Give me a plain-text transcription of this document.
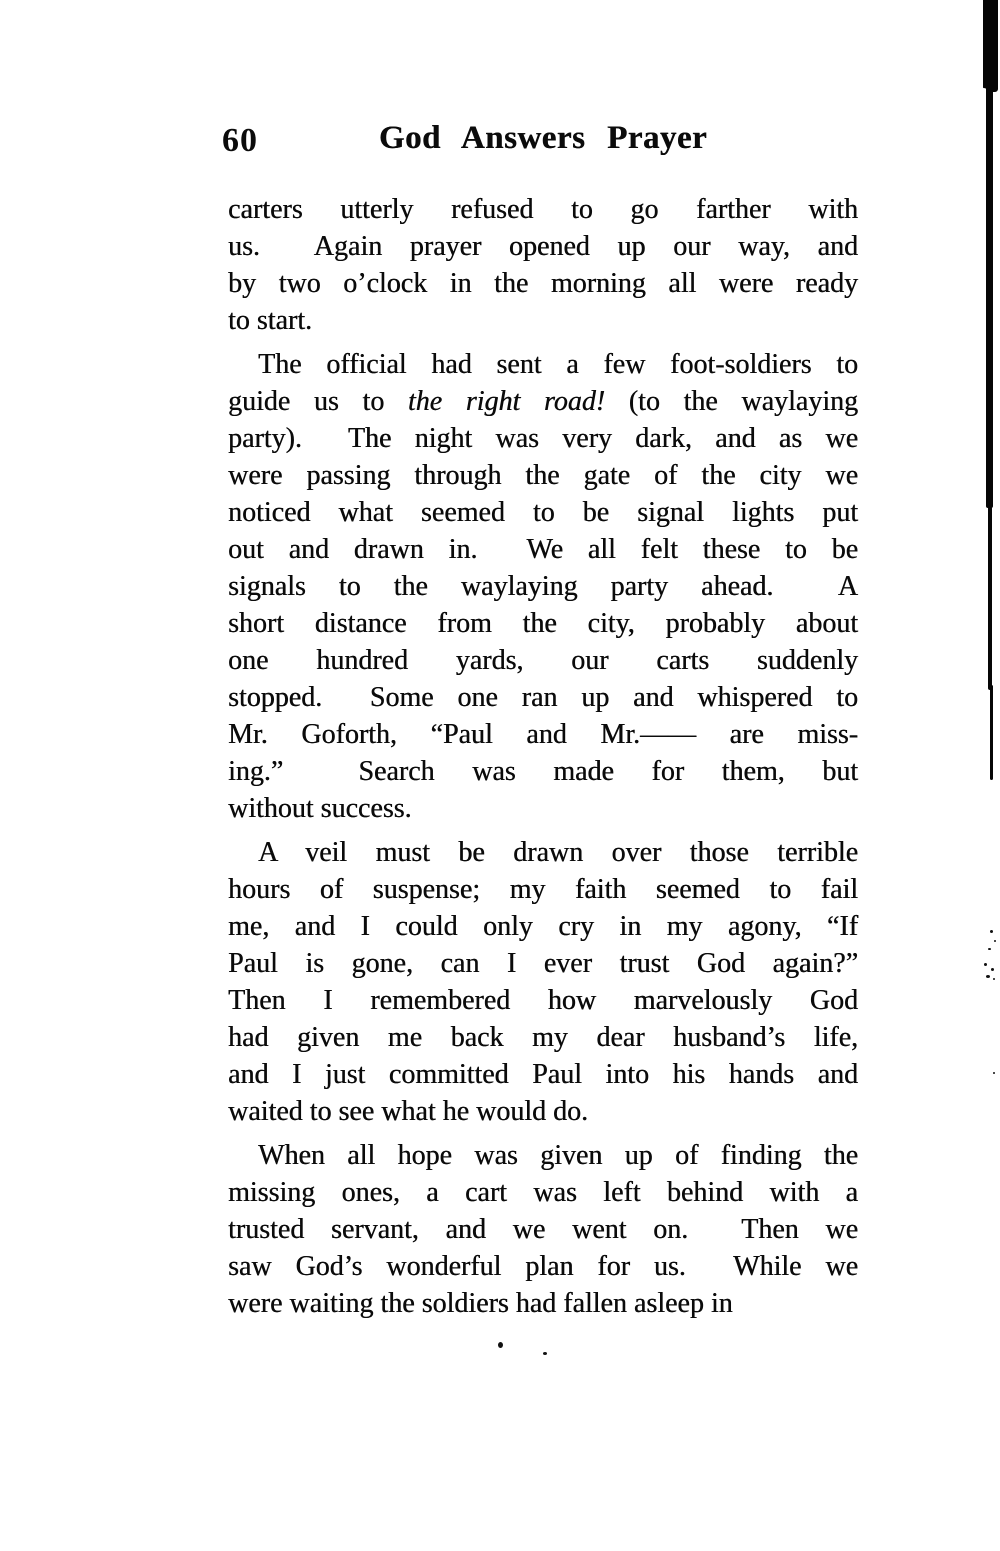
60	God Answers Prayer
carters utterly refused to go farther with
us.  Again prayer opened up our way, and
by two o’clock in the morning all were ready
to start.
The official had sent a few foot-soldiers to
guide us to the right road! (to the waylaying
party).  The night was very dark, and as we
were passing through the gate of the city we
noticed what seemed to be signal lights put
out and drawn in.  We all felt these to be
signals to the waylaying party ahead.  A
short distance from the city, probably about
one hundred yards, our carts suddenly
stopped.  Some one ran up and whispered to
Mr. Goforth, “Paul and Mr.—— are miss-
ing.”  Search was made for them, but
without success.
A veil must be drawn over those terrible
hours of suspense; my faith seemed to fail
me, and I could only cry in my agony, “If
Paul is gone, can I ever trust God again?”
Then I remembered how marvelously God
had given me back my dear husband’s life,
and I just committed Paul into his hands and
waited to see what he would do.
When all hope was given up of finding the
missing ones, a cart was left behind with a
trusted servant, and we went on.  Then we
saw God’s wonderful plan for us.  While we
were waiting the soldiers had fallen asleep in
